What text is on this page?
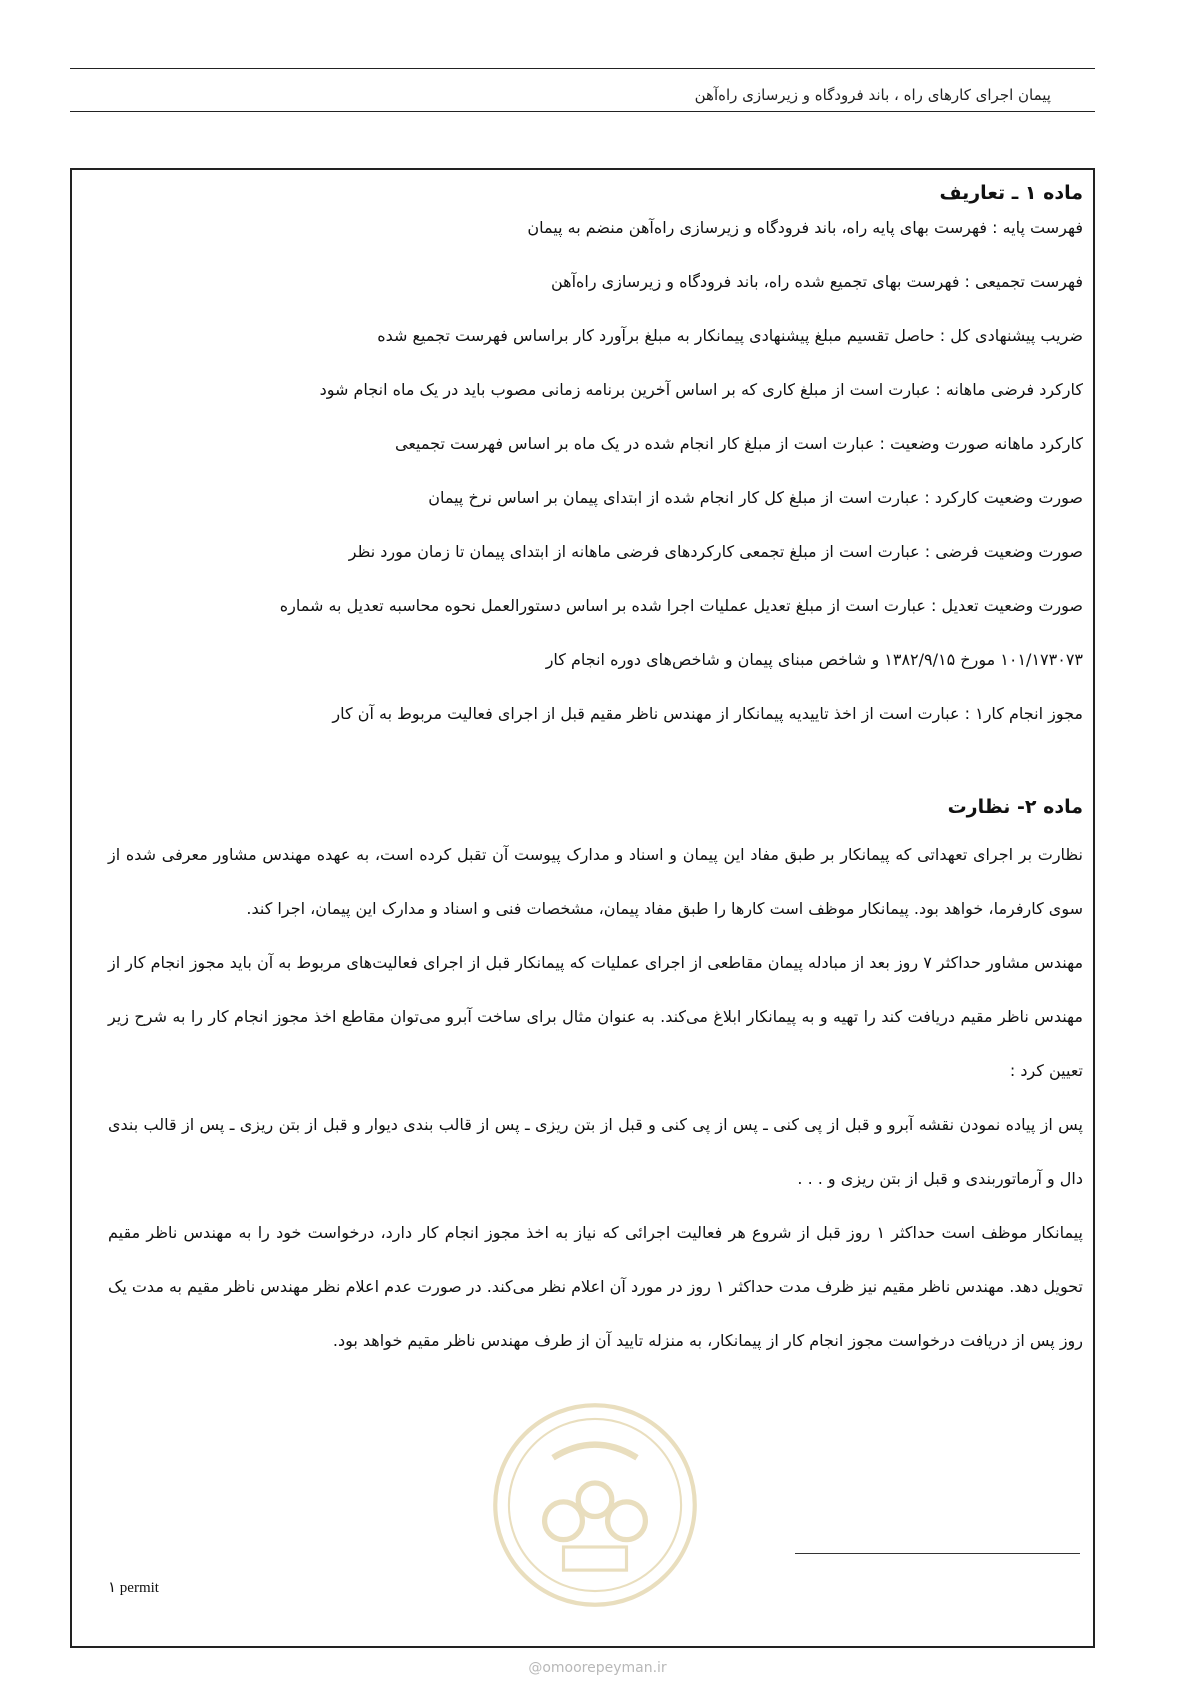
پیمان اجرای کارهای راه ، باند فرودگاه و زیرسازی راه‌آهن
ماده ۱ ـ تعاریف
فهرست پایه : فهرست بهای پایه راه، باند فرودگاه و زیرسازی راه‌آهن منضم به پیمان
فهرست تجمیعی : فهرست بهای تجمیع شده راه، باند فرودگاه و زیرسازی راه‌آهن
ضریب پیشنهادی کل : حاصل تقسیم مبلغ پیشنهادی پیمانکار به مبلغ برآورد کار براساس فهرست تجمیع شده
کارکرد فرضی ماهانه : عبارت است از مبلغ کاری که بر اساس آخرین برنامه زمانی مصوب باید در یک ماه انجام شود
کارکرد ماهانه صورت وضعیت : عبارت است از مبلغ کار انجام شده در یک ماه بر اساس فهرست تجمیعی
صورت وضعیت کارکرد : عبارت است از مبلغ کل کار انجام شده از ابتدای پیمان بر اساس نرخ پیمان
صورت وضعیت فرضی : عبارت است از مبلغ تجمعی کارکردهای فرضی ماهانه از ابتدای پیمان تا زمان مورد نظر
صورت وضعیت تعدیل : عبارت است از مبلغ تعدیل عملیات اجرا شده بر اساس دستورالعمل نحوه محاسبه تعدیل به شماره
۱۰۱/۱۷۳۰۷۳ مورخ ۱۳۸۲/۹/۱۵ و شاخص مبنای پیمان و شاخص‌های دوره انجام کار
مجوز انجام کار۱ : عبارت است از اخذ تاییدیه پیمانکار از مهندس ناظر مقیم قبل از اجرای فعالیت مربوط به آن کار
ماده ۲- نظارت
نظارت بر اجرای تعهداتی که پیمانکار بر طبق مفاد این پیمان و اسناد و مدارک پیوست آن تقبل کرده است، به عهده مهندس مشاور معرفی شده از سوی کارفرما، خواهد بود. پیمانکار موظف است کارها را طبق مفاد پیمان، مشخصات فنی و اسناد و مدارک این پیمان، اجرا کند.
مهندس مشاور حداکثر ۷ روز بعد از مبادله پیمان مقاطعی از اجرای عملیات که پیمانکار قبل از اجرای فعالیت‌های مربوط به آن باید مجوز انجام کار از مهندس ناظر مقیم دریافت کند را تهیه و به پیمانکار ابلاغ می‌کند. به عنوان مثال برای ساخت آبرو می‌توان مقاطع اخذ مجوز انجام کار را به شرح زیر تعیین کرد :
پس از پیاده نمودن نقشه آبرو و قبل از پی کنی ـ پس از پی کنی و قبل از بتن ریزی ـ پس از قالب بندی دیوار و قبل از بتن ریزی ـ پس از قالب بندی دال و آرماتوربندی و قبل از بتن ریزی و . . .
پیمانکار موظف است حداکثر ۱ روز قبل از شروع هر فعالیت اجرائی که نیاز به اخذ مجوز انجام کار دارد، درخواست خود را به مهندس ناظر مقیم تحویل دهد. مهندس ناظر مقیم نیز ظرف مدت حداکثر ۱ روز در مورد آن اعلام نظر می‌کند. در صورت عدم اعلام نظر مهندس ناظر مقیم به مدت یک روز پس از دریافت درخواست مجوز انجام کار از پیمانکار، به منزله تایید آن از طرف مهندس ناظر مقیم خواهد بود.
۱ permit
@omoorepeyman.ir
